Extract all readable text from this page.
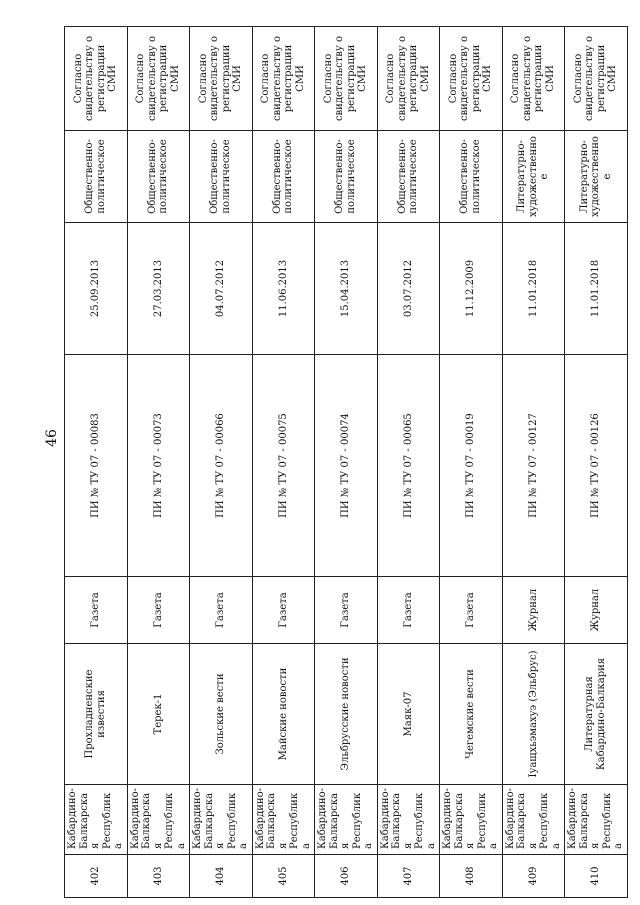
46
402	Кабардино-Балкарская Республика	Прохладненские известия	Газета	ПИ № ТУ 07 - 00083	25.09.2013	Общественно-политическое	Согласно свидетельству о регистрации СМИ
403	Кабардино-Балкарская Республика	Терек-1	Газета	ПИ № ТУ 07 - 00073	27.03.2013	Общественно-политическое	Согласно свидетельству о регистрации СМИ
404	Кабардино-Балкарская Республика	Зольские вести	Газета	ПИ № ТУ 07 - 00066	04.07.2012	Общественно-политическое	Согласно свидетельству о регистрации СМИ
405	Кабардино-Балкарская Республика	Майские новости	Газета	ПИ № ТУ 07 - 00075	11.06.2013	Общественно-политическое	Согласно свидетельству о регистрации СМИ
406	Кабардино-Балкарская Республика	Эльбрусские новости	Газета	ПИ № ТУ 07 - 00074	15.04.2013	Общественно-политическое	Согласно свидетельству о регистрации СМИ
407	Кабардино-Балкарская Республика	Маяк-07	Газета	ПИ № ТУ 07 - 00065	03.07.2012	Общественно-политическое	Согласно свидетельству о регистрации СМИ
408	Кабардино-Балкарская Республика	Чегемские вести	Газета	ПИ № ТУ 07 - 00019	11.12.2009	Общественно-политическое	Согласно свидетельству о регистрации СМИ
409	Кабардино-Балкарская Республика	Iуащхьэмахуэ (Эльбрус)	Журнал	ПИ № ТУ 07 - 00127	11.01.2018	Литературно-художественное	Согласно свидетельству о регистрации СМИ
410	Кабардино-Балкарская Республика	Литературная Кабардино-Балкария	Журнал	ПИ № ТУ 07 - 00126	11.01.2018	Литературно-художественное	Согласно свидетельству о регистрации СМИ
